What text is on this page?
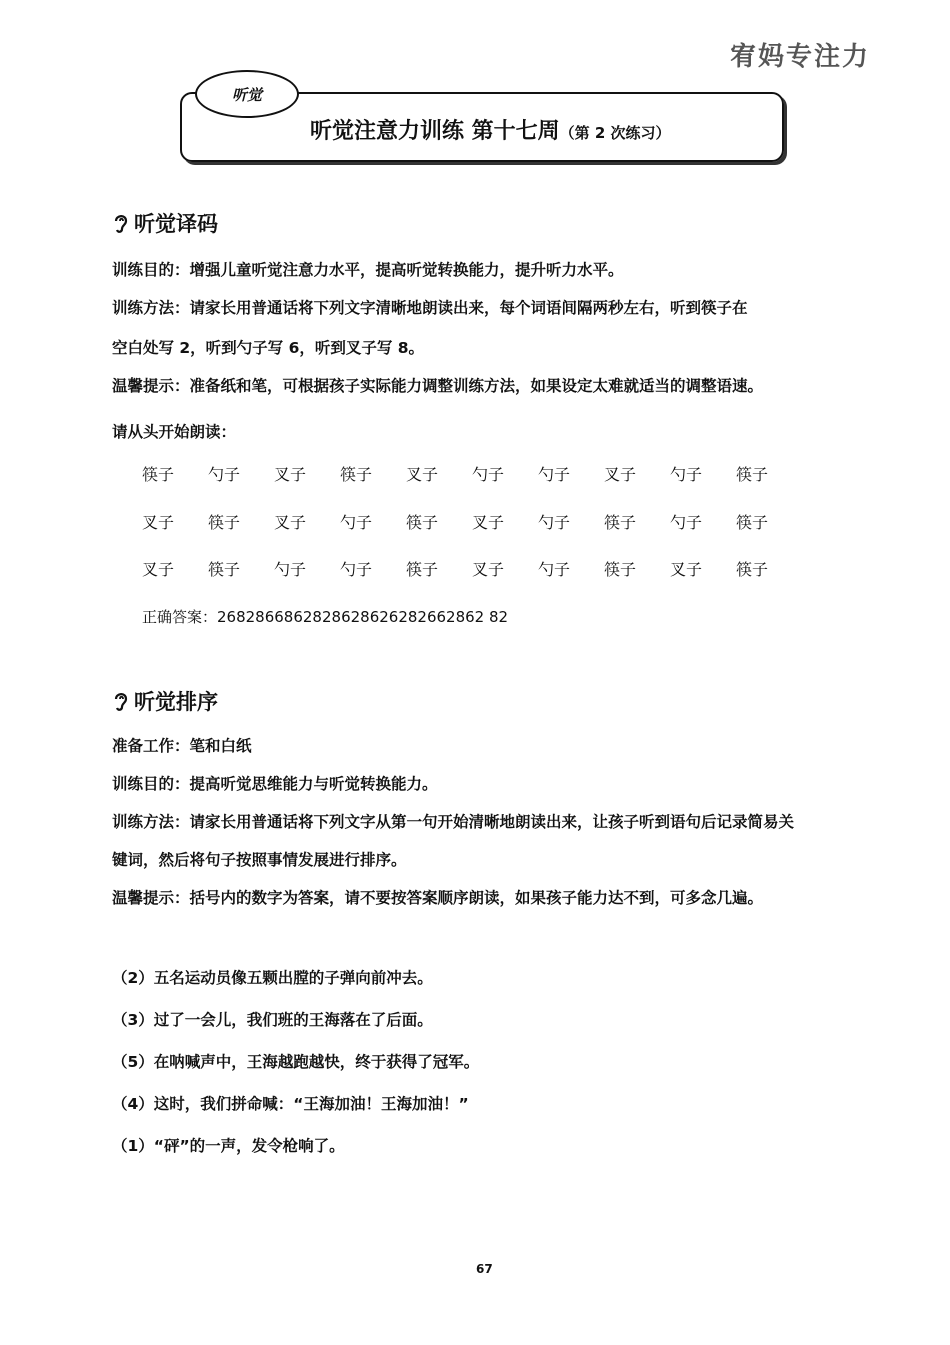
宥妈专注力
听觉
听觉注意力训练 第十七周（第 2 次练习）
听觉译码
训练目的：增强儿童听觉注意力水平，提高听觉转换能力，提升听力水平。
训练方法：请家长用普通话将下列文字清晰地朗读出来，每个词语间隔两秒左右，听到筷子在
空白处写 2，听到勺子写 6，听到叉子写 8。
温馨提示：准备纸和笔，可根据孩子实际能力调整训练方法，如果设定太难就适当的调整语速。
请从头开始朗读：
筷子 勺子 叉子 筷子 叉子 勺子 勺子 叉子 勺子 筷子
叉子 筷子 叉子 勺子 筷子 叉子 勺子 筷子 勺子 筷子
叉子 筷子 勺子 勺子 筷子 叉子 勺子 筷子 叉子 筷子
正确答案：2682866862828628626282662862 82
听觉排序
准备工作：笔和白纸
训练目的：提高听觉思维能力与听觉转换能力。
训练方法：请家长用普通话将下列文字从第一句开始清晰地朗读出来，让孩子听到语句后记录简易关
键词，然后将句子按照事情发展进行排序。
温馨提示：括号内的数字为答案，请不要按答案顺序朗读，如果孩子能力达不到，可多念几遍。
（2）五名运动员像五颗出膛的子弹向前冲去。
（3）过了一会儿，我们班的王海落在了后面。
（5）在呐喊声中，王海越跑越快，终于获得了冠军。
（4）这时，我们拼命喊：“王海加油！王海加油！”
（1）“砰”的一声，发令枪响了。
67
